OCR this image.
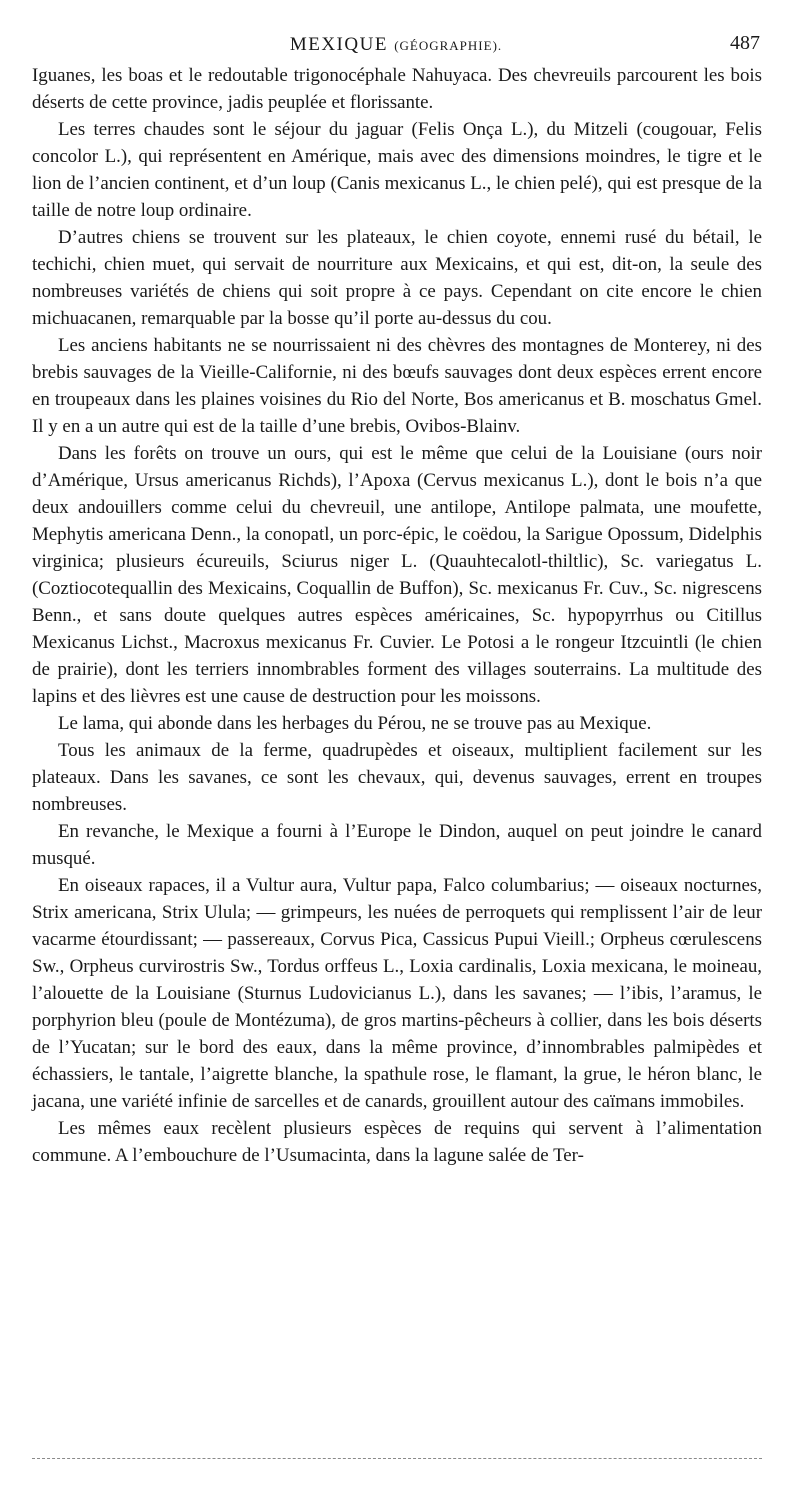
MEXIQUE (GÉOGRAPHIE).	487

Iguanes, les boas et le redoutable trigonocéphale Nahuyaca. Des chevreuils parcourent les bois déserts de cette province, jadis peuplée et florissante.

Les terres chaudes sont le séjour du jaguar (Felis Onça L.), du Mitzeli (cougouar, Felis concolor L.), qui représentent en Amérique, mais avec des dimensions moindres, le tigre et le lion de l’ancien continent, et d’un loup (Canis mexicanus L., le chien pelé), qui est presque de la taille de notre loup ordinaire.

D’autres chiens se trouvent sur les plateaux, le chien coyote, ennemi rusé du bétail, le techichi, chien muet, qui servait de nourriture aux Mexicains, et qui est, dit-on, la seule des nombreuses variétés de chiens qui soit propre à ce pays. Cependant on cite encore le chien michuacanen, remarquable par la bosse qu’il porte au-dessus du cou.

Les anciens habitants ne se nourrissaient ni des chèvres des montagnes de Monterey, ni des brebis sauvages de la Vieille-Californie, ni des bœufs sauvages dont deux espèces errent encore en troupeaux dans les plaines voisines du Rio del Norte, Bos americanus et B. moschatus Gmel. Il y en a un autre qui est de la taille d’une brebis, Ovibos-Blainv.

Dans les forêts on trouve un ours, qui est le même que celui de la Louisiane (ours noir d’Amérique, Ursus americanus Richds), l’Apoxa (Cervus mexicanus L.), dont le bois n’a que deux andouillers comme celui du chevreuil, une antilope, Antilope palmata, une moufette, Mephytis americana Denn., la conopatl, un porc-épic, le coëdou, la Sarigue Opossum, Didelphis virginica; plusieurs écureuils, Sciurus niger L. (Quauhtecalotl-thiltlic), Sc. variegatus L. (Coztiocotequallin des Mexicains, Coquallin de Buffon), Sc. mexicanus Fr. Cuv., Sc. nigrescens Benn., et sans doute quelques autres espèces américaines, Sc. hypopyrrhus ou Citillus Mexicanus Lichst., Macroxus mexicanus Fr. Cuvier. Le Potosi a le rongeur Itzcuintli (le chien de prairie), dont les terriers innombrables forment des villages souterrains. La multitude des lapins et des lièvres est une cause de destruction pour les moissons.

Le lama, qui abonde dans les herbages du Pérou, ne se trouve pas au Mexique.

Tous les animaux de la ferme, quadrupèdes et oiseaux, multiplient facilement sur les plateaux. Dans les savanes, ce sont les chevaux, qui, devenus sauvages, errent en troupes nombreuses.

En revanche, le Mexique a fourni à l’Europe le Dindon, auquel on peut joindre le canard musqué.

En oiseaux rapaces, il a Vultur aura, Vultur papa, Falco columbarius; — oiseaux nocturnes, Strix americana, Strix Ulula; — grimpeurs, les nuées de perroquets qui remplissent l’air de leur vacarme étourdissant; — passereaux, Corvus Pica, Cassicus Pupui Vieill.; Orpheus cœrulescens Sw., Orpheus curvirostris Sw., Tordus orffeus L., Loxia cardinalis, Loxia mexicana, le moineau, l’alouette de la Louisiane (Sturnus Ludovicianus L.), dans les savanes; — l’ibis, l’aramus, le porphyrion bleu (poule de Montézuma), de gros martins-pêcheurs à collier, dans les bois déserts de l’Yucatan; sur le bord des eaux, dans la même province, d’innombrables palmipèdes et échassiers, le tantale, l’aigrette blanche, la spathule rose, le flamant, la grue, le héron blanc, le jacana, une variété infinie de sarcelles et de canards, grouillent autour des caïmans immobiles.

Les mêmes eaux recèlent plusieurs espèces de requins qui servent à l’alimentation commune. A l’embouchure de l’Usumacinta, dans la lagune salée de Ter-
